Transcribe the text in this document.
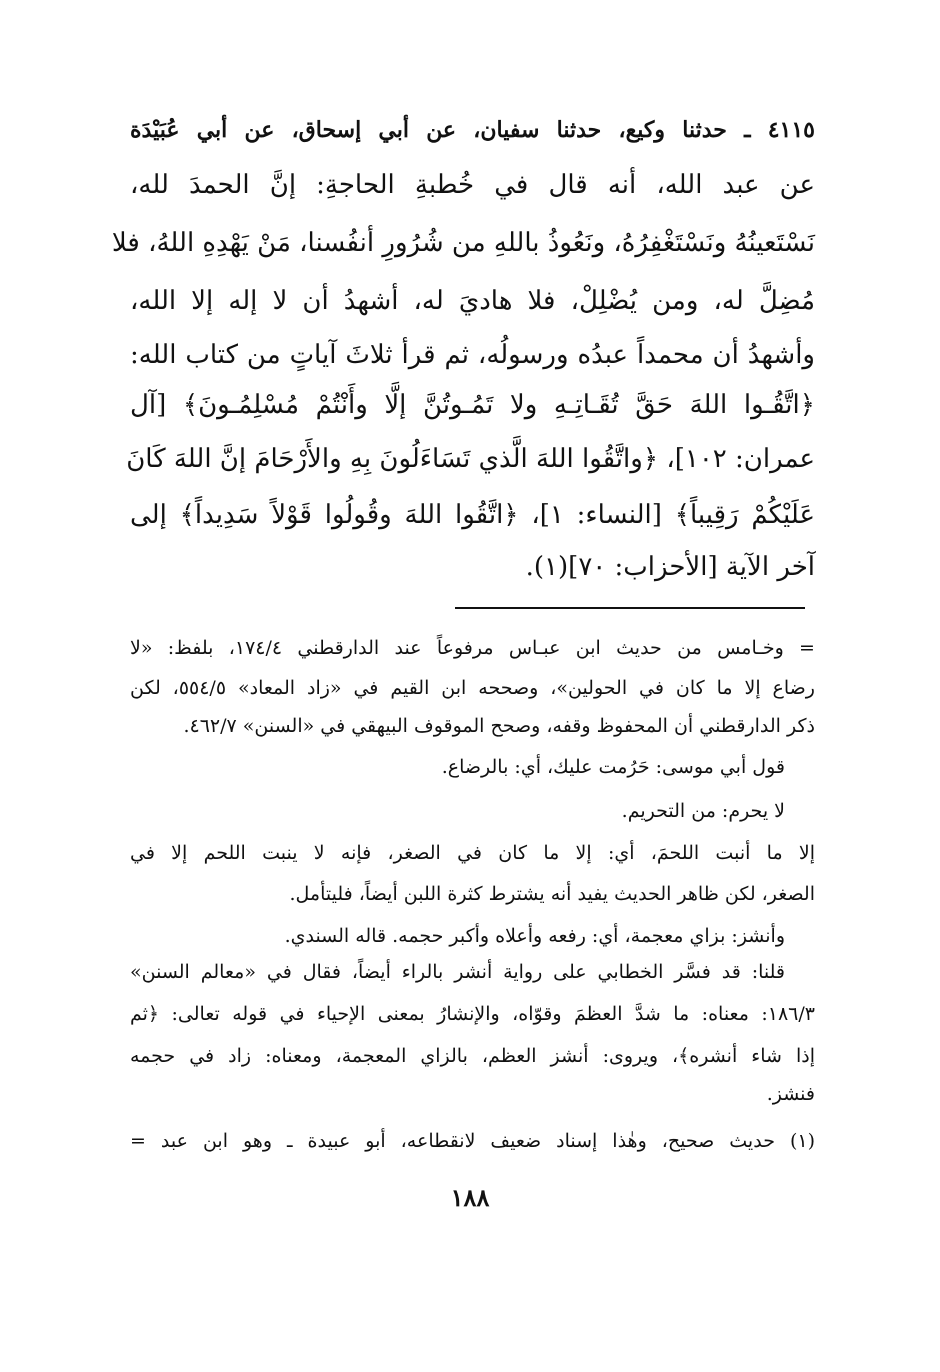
٤١١٥ ـ حدثنا وكيع، حدثنا سفيان، عن أبي إسحاق، عن أبي عُبَيْدَة
عن عبد الله، أنه قال في خُطبةِ الحاجةِ: إنَّ الحمدَ لله،
نَسْتَعينُهُ ونَسْتَغْفِرُهُ، ونَعُوذُ باللهِ من شُرُورِ أنفُسنا، مَنْ يَهْدِهِ اللهُ، فلا
مُضِلَّ له، ومن يُضْلِلْ، فلا هاديَ له، أشهدُ أن لا إله إلا الله،
وأشهدُ أن محمداً عبدُه ورسولُه، ثم قرأ ثلاثَ آياتٍ من كتاب الله:
﴿اتَّقُـوا اللهَ حَقَّ تُقَـاتِـهِ ولا تَمُـوتُنَّ إلَّا وأَنْتُمْ مُسْلِمُـونَ﴾ [آل
عمران: ١٠٢]، ﴿واتَّقُوا اللهَ الَّذي تَسَاءَلُونَ بِهِ والأَرْحَامَ إنَّ اللهَ كَانَ
عَلَيْكُمْ رَقِيباً﴾ [النساء: ١]، ﴿اتَّقُوا اللهَ وقُولُوا قَوْلاً سَدِيداً﴾ إلى
آخر الآية [الأحزاب: ٧٠](١).
= وخـامس من حديث ابن عبـاس مرفوعاً عند الدارقطني ١٧٤/٤، بلفظ: «لا
رضاع إلا ما كان في الحولين»، وصححه ابن القيم في «زاد المعاد» ٥٥٤/٥، لكن
ذكر الدارقطني أن المحفوظ وقفه، وصحح الموقوف البيهقي في «السنن» ٤٦٢/٧.
قول أبي موسى: حَرُمت عليك، أي: بالرضاع.
لا يحرم: من التحريم.
إلا ما أنبت اللحمَ، أي: إلا ما كان في الصغر، فإنه لا ينبت اللحم إلا في
الصغر، لكن ظاهر الحديث يفيد أنه يشترط كثرة اللبن أيضاً، فليتأمل.
وأنشز: بزاي معجمة، أي: رفعه وأعلاه وأكبر حجمه. قاله السندي.
قلنا: قد فسَّر الخطابي على رواية أنشر بالراء أيضاً، فقال في «معالم السنن»
١٨٦/٣: معناه: ما شدَّ العظمَ وقوّاه، والإنشارُ بمعنى الإحياء في قوله تعالى: ﴿ثم
إذا شاء أنشره﴾، ويروى: أنشز العظم، بالزاي المعجمة، ومعناه: زاد في حجمه
فنشز.
(١) حديث صحيح، وهٰذا إسناد ضعيف لانقطاعه، أبو عبيدة ـ وهو ابن عبد =
١٨٨
